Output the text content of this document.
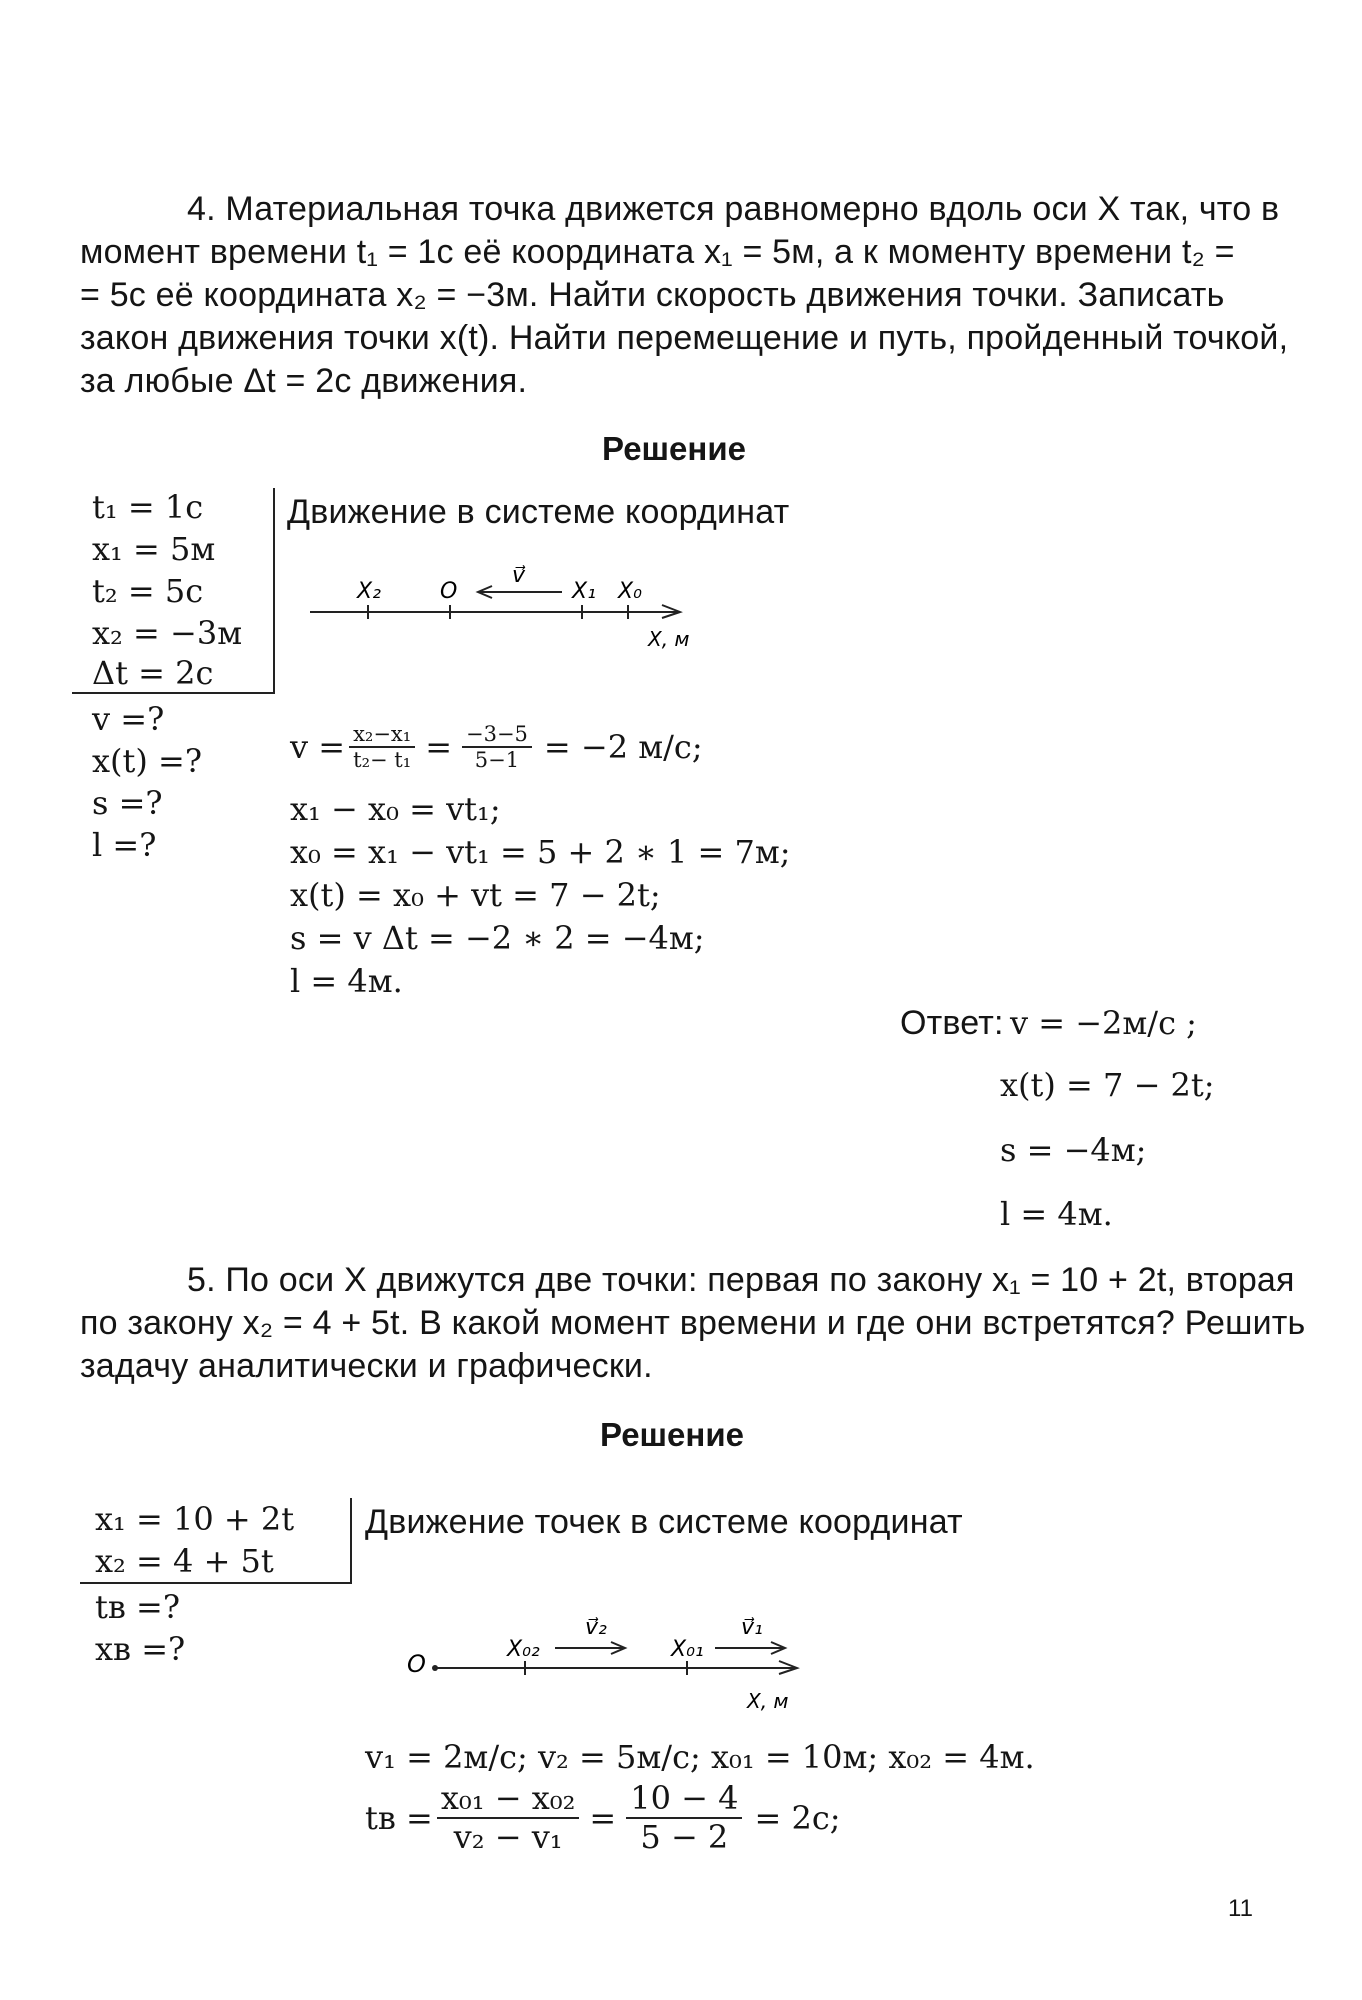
4. Материальная точка движется равномерно вдоль оси X так, что в
момент времени t₁ = 1c её координата x₁ = 5м, а к моменту времени t₂ =
= 5c её координата x₂ = −3м. Найти скорость движения точки. Записать
закон движения точки x(t). Найти перемещение и путь, пройденный точкой,
за любые Δt = 2c движения.
Решение
t₁ = 1c
x₁ = 5м
t₂ = 5c
x₂ = −3м
Δt = 2c
v =?
x(t) =?
s =?
l =?
Движение в системе координат
X₂	O
v⃗
X₁ X₀
X, м
$v = \frac{\text{x₂−x₁}}{\text{t₂− t₁}} = \frac{-3-5}{5-1} = -2$ м/с;
x₁ − x₀ = vt₁;
x₀ = x₁ − vt₁ = 5 + 2 ∗ 1 = 7м;
x(t) = x₀ + vt = 7 − 2t;
s = v Δt = −2 ∗ 2 = −4м;
l = 4м.
Ответ: v = −2м/c ;
x(t) = 7 − 2t;
s = −4м;
l = 4м.
5. По оси X движутся две точки: первая по закону x₁ = 10 + 2t, вторая
по закону x₂ = 4 + 5t. В какой момент времени и где они встретятся? Решить
задачу аналитически и графически.
Решение
x₁ = 10 + 2t
x₂ = 4 + 5t
tв =?
xв =?
Движение точек в системе координат
O
X₀₂
v⃗₂
X₀₁
v⃗₁
X, м
v₁ = 2м/c; v₂ = 5м/c; x₀₁ = 10м; x₀₂ = 4м.
tв = $\frac{\text{x₀₁ − x₀₂}}{\text{v₂ − v₁}} = \frac{10 - 4}{5 - 2} = 2c$;
11
